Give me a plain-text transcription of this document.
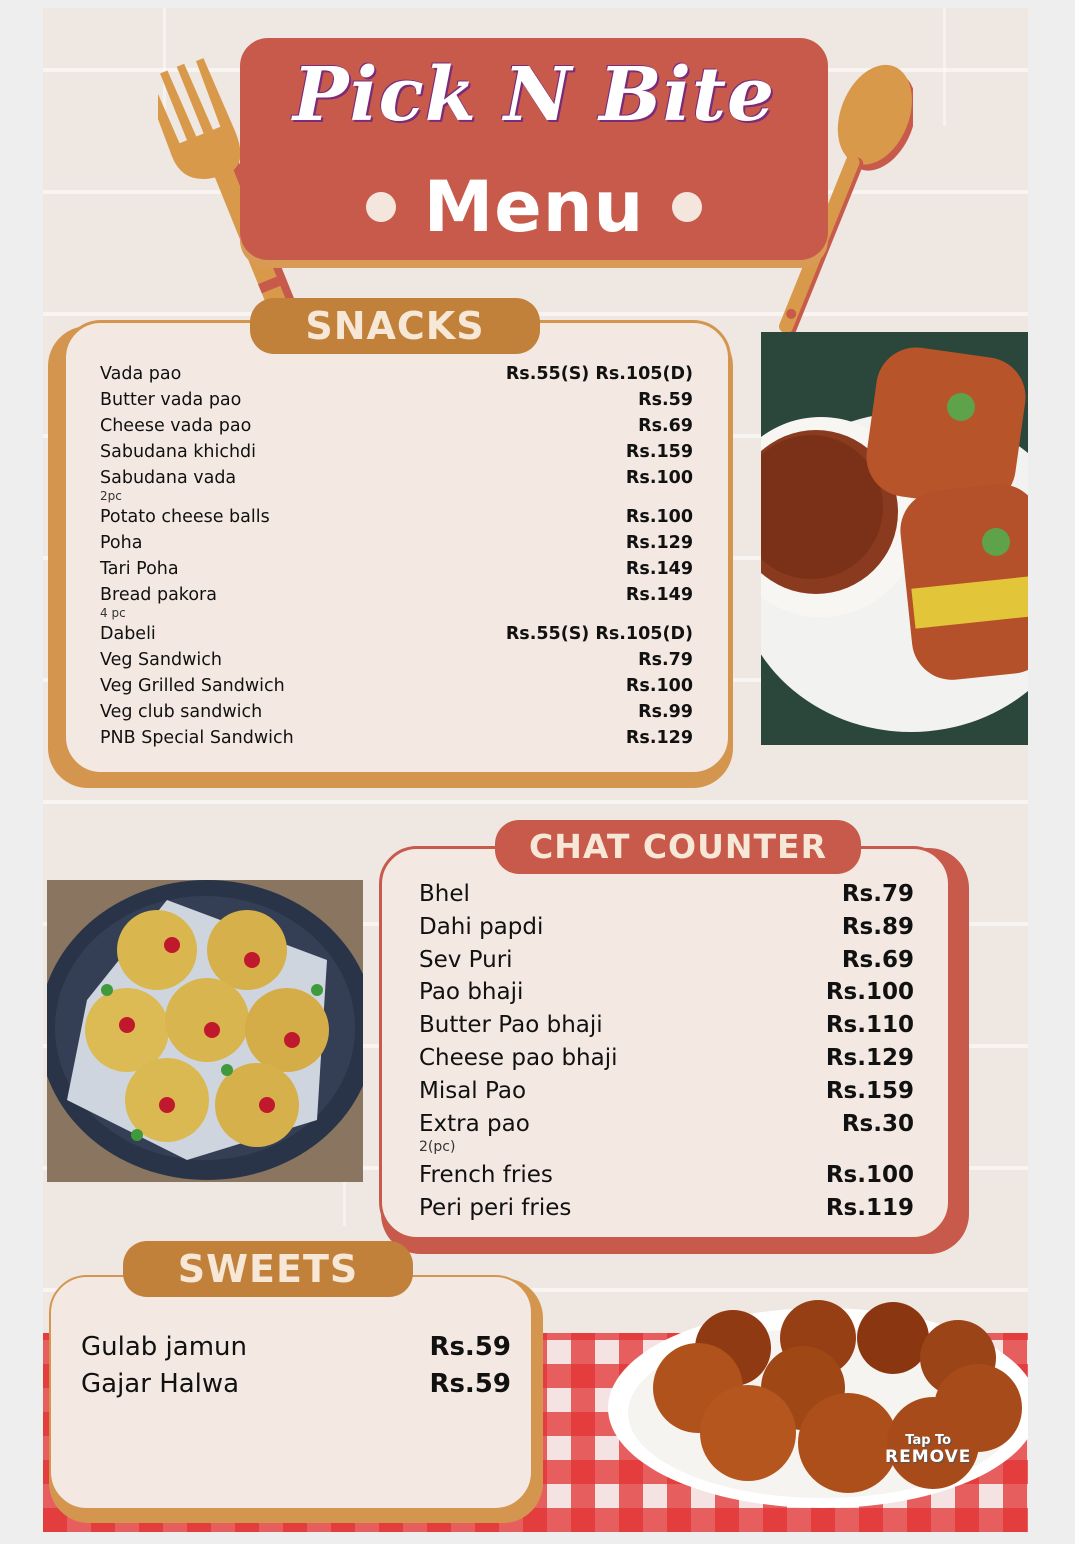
Pick N Bite
Menu
SNACKS
Vada pao	Rs.55(S) Rs.105(D)
Butter vada pao	Rs.59
Cheese vada pao	Rs.69
Sabudana khichdi	Rs.159
Sabudana vada	Rs.100
2pc
Potato cheese balls	Rs.100
Poha	Rs.129
Tari Poha	Rs.149
Bread pakora	Rs.149
4 pc
Dabeli	Rs.55(S) Rs.105(D)
Veg Sandwich	Rs.79
Veg Grilled Sandwich	Rs.100
Veg club sandwich	Rs.99
PNB Special Sandwich	Rs.129
CHAT COUNTER
Bhel	Rs.79
Dahi papdi	Rs.89
Sev Puri	Rs.69
Pao bhaji	Rs.100
Butter Pao bhaji	Rs.110
Cheese pao bhaji	Rs.129
Misal Pao	Rs.159
Extra pao	Rs.30
2(pc)
French fries	Rs.100
Peri peri fries	Rs.119
SWEETS
Gulab jamun	Rs.59
Gajar Halwa	Rs.59
Tap To
REMOVE
